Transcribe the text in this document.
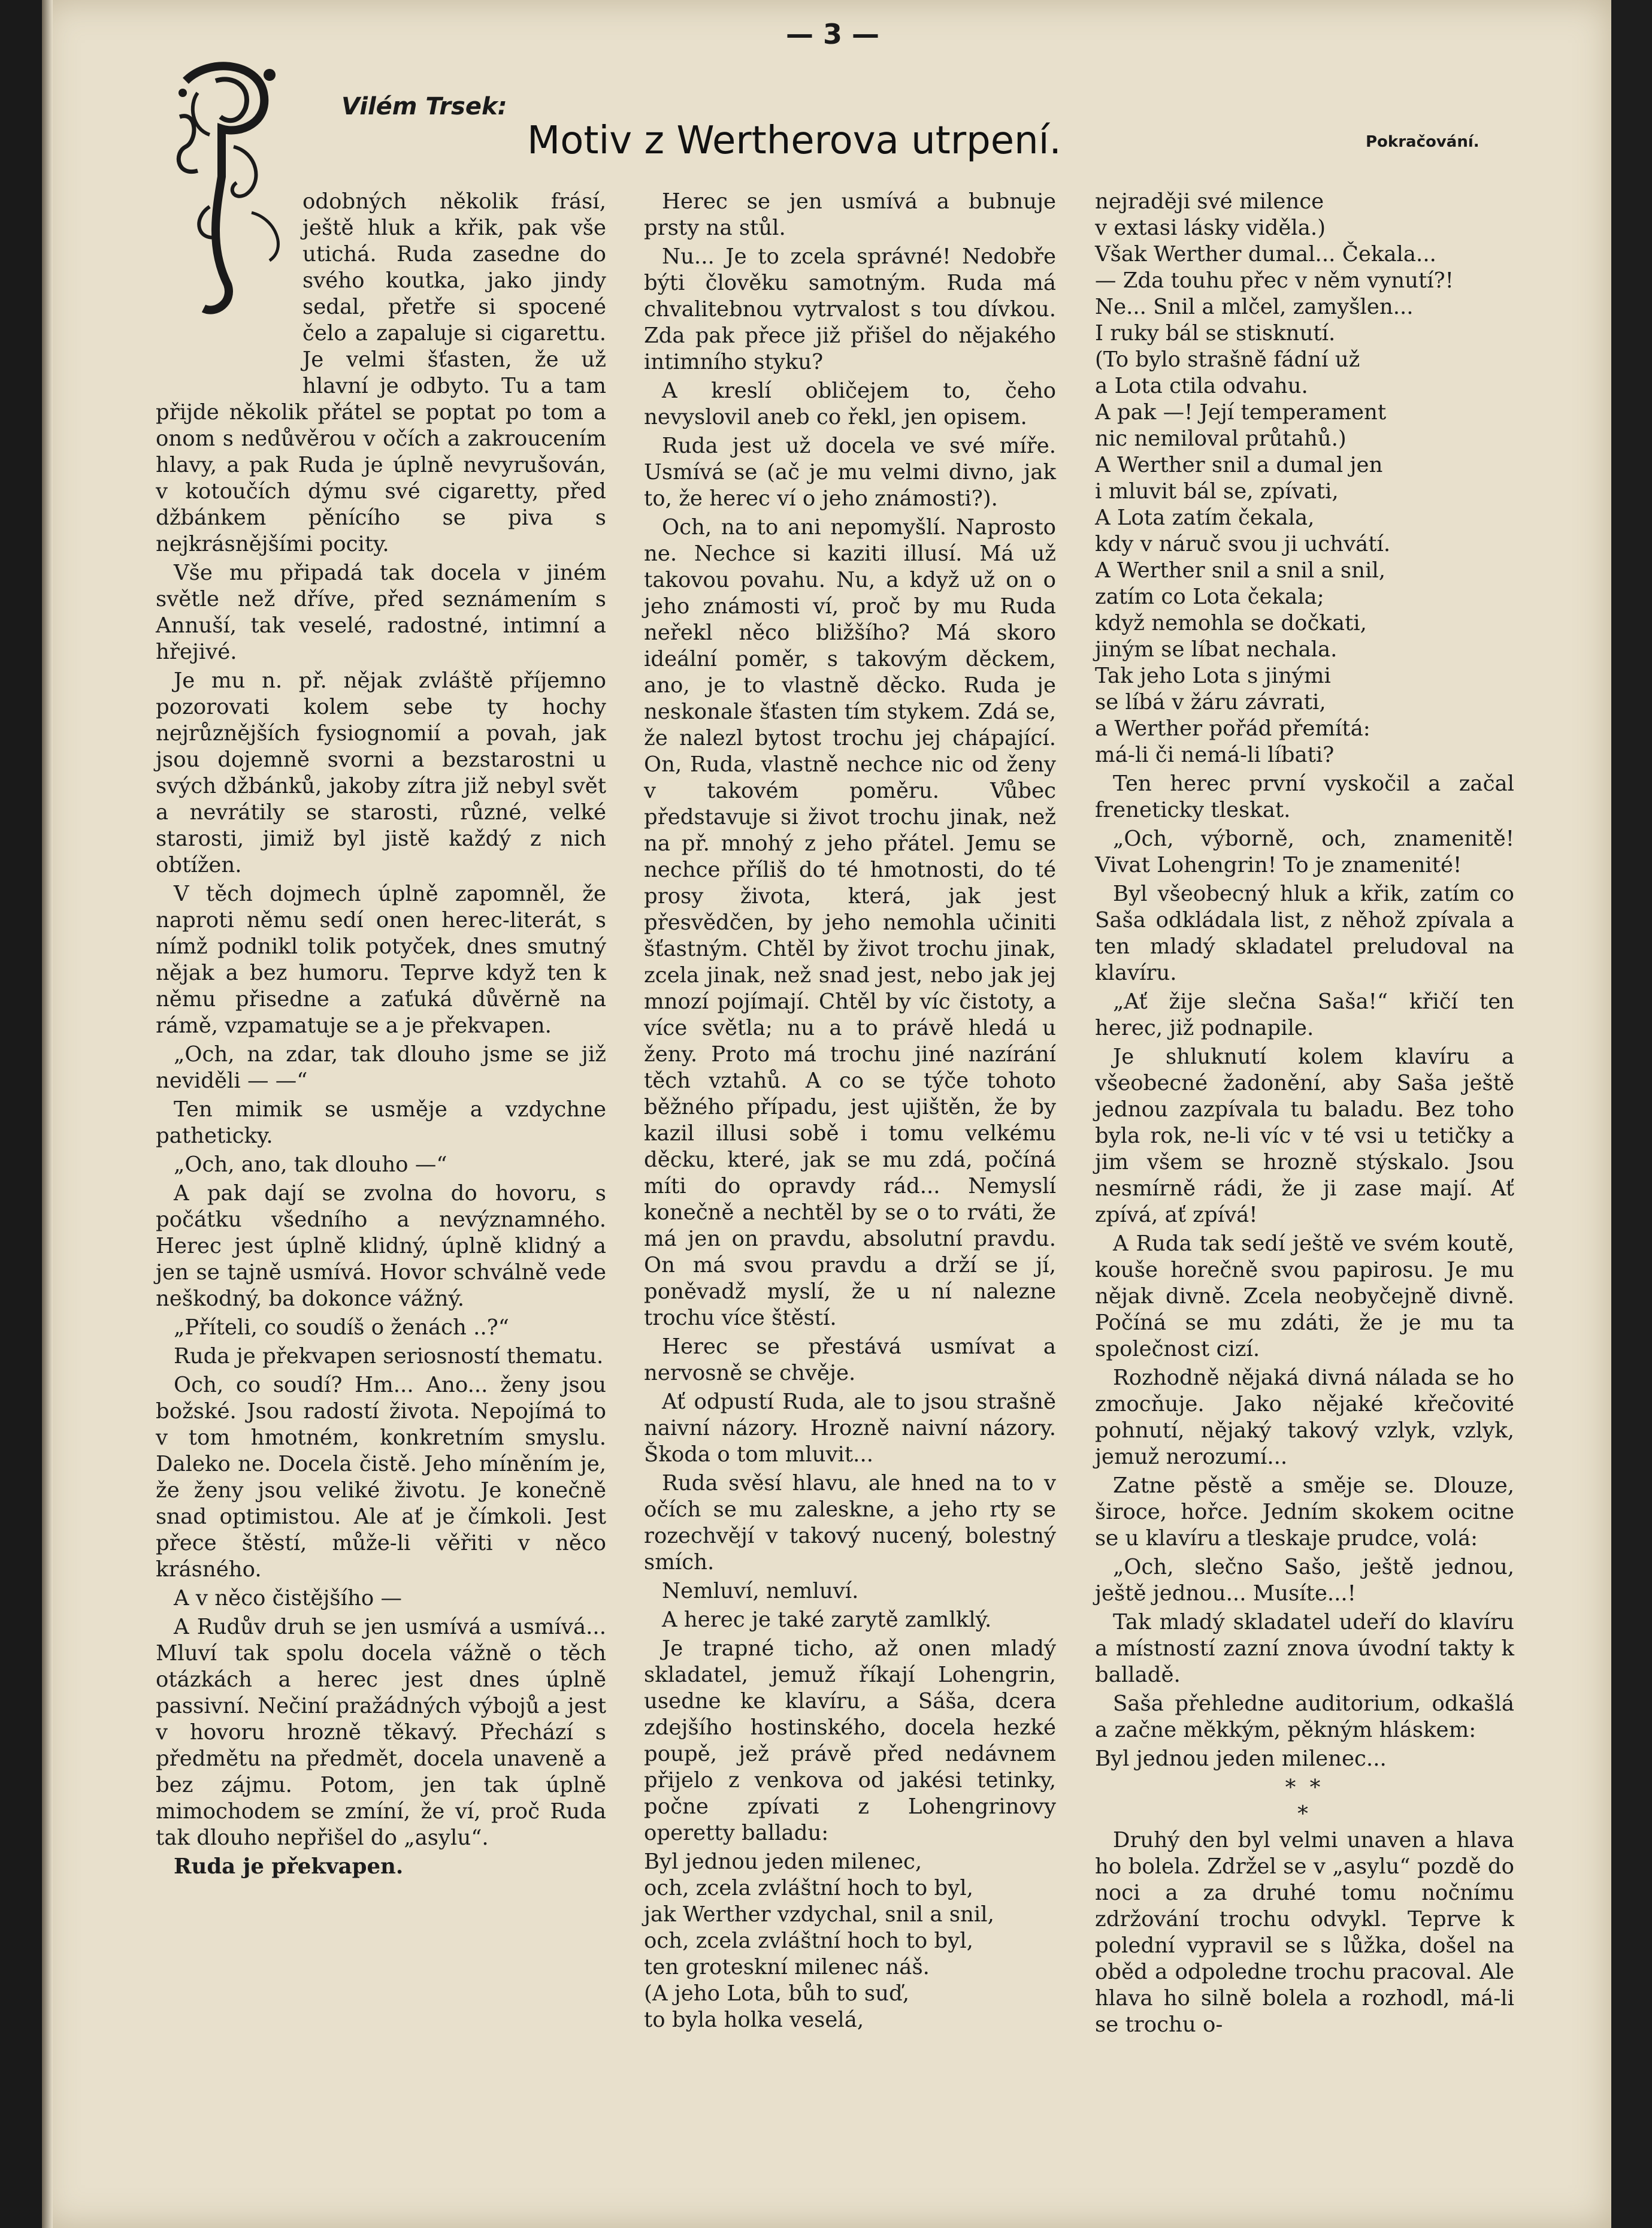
— 3 —
Vilém Trsek:
Motiv z Wertherova utrpení.	Pokračování.

odobných několik frásí, ještě hluk a křik, pak vše utichá. Ruda zasedne do svého koutka, jako jindy sedal, přetře si spocené čelo a zapaluje si cigarettu. Je velmi šťasten, že už hlavní je odbyto. Tu a tam přijde několik přátel se poptat po tom a onom s nedůvěrou v očích a zakroucením hlavy, a pak Ruda je úplně nevyrušován, v kotoučích dýmu své cigaretty, před džbánkem pěnícího se piva s nejkrásnějšími pocity.

Vše mu připadá tak docela v jiném světle než dříve, před seznámením s Annuší, tak veselé, radostné, intimní a hřejivé.

Je mu n. př. nějak zvláště příjemno pozorovati kolem sebe ty hochy nejrůznějších fysiognomií a povah, jak jsou dojemně svorni a bezstarostni u svých džbánků, jakoby zítra již nebyl svět a nevrátily se starosti, různé, velké starosti, jimiž byl jistě každý z nich obtížen.

V těch dojmech úplně zapomněl, že naproti němu sedí onen herec-literát, s nímž podnikl tolik potyček, dnes smutný nějak a bez humoru. Teprve když ten k němu přisedne a zaťuká důvěrně na rámě, vzpamatuje se a je překvapen.

„Och, na zdar, tak dlouho jsme se již neviděli — —“

Ten mimik se usměje a vzdychne patheticky.

„Och, ano, tak dlouho —“

A pak dají se zvolna do hovoru, s počátku všedního a nevýznamného. Herec jest úplně klidný, úplně klidný a jen se tajně usmívá. Hovor schválně vede neškodný, ba dokonce vážný.

„Příteli, co soudíš o ženách ..?“

Ruda je překvapen seriosností thematu.

Och, co soudí? Hm... Ano... ženy jsou božské. Jsou radostí života. Nepojímá to v tom hmotném, konkretním smyslu. Daleko ne. Docela čistě. Jeho míněním je, že ženy jsou veliké životu. Je konečně snad optimistou. Ale ať je čímkoli. Jest přece štěstí, může-li věřiti v něco krásného.

A v něco čistějšího —

A Rudův druh se jen usmívá a usmívá... Mluví tak spolu docela vážně o těch otázkách a herec jest dnes úplně passivní. Nečiní pražádných výbojů a jest v hovoru hrozně těkavý. Přechází s předmětu na předmět, docela unaveně a bez zájmu. Potom, jen tak úplně mimochodem se zmíní, že ví, proč Ruda tak dlouho nepřišel do „asylu“.

Ruda je překvapen.

Herec se jen usmívá a bubnuje prsty na stůl.

Nu... Je to zcela správné! Nedobře býti člověku samotným. Ruda má chvalitebnou vytrvalost s tou dívkou. Zda pak přece již přišel do nějakého intimního styku?

A kreslí obličejem to, čeho nevyslovil aneb co řekl, jen opisem.

Ruda jest už docela ve své míře. Usmívá se (ač je mu velmi divno, jak to, že herec ví o jeho známosti?).

Och, na to ani nepomyšlí. Naprosto ne. Nechce si kaziti illusí. Má už takovou povahu. Nu, a když už on o jeho známosti ví, proč by mu Ruda neřekl něco bližšího? Má skoro ideální poměr, s takovým děckem, ano, je to vlastně děcko. Ruda je neskonale šťasten tím stykem. Zdá se, že nalezl bytost trochu jej chápající. On, Ruda, vlastně nechce nic od ženy v takovém poměru. Vůbec představuje si život trochu jinak, než na př. mnohý z jeho přátel. Jemu se nechce příliš do té hmotnosti, do té prosy života, která, jak jest přesvědčen, by jeho nemohla učiniti šťastným. Chtěl by život trochu jinak, zcela jinak, než snad jest, nebo jak jej mnozí pojímají. Chtěl by víc čistoty, a více světla; nu a to právě hledá u ženy. Proto má trochu jiné nazírání těch vztahů. A co se týče tohoto běžného případu, jest ujištěn, že by kazil illusi sobě i tomu velkému děcku, které, jak se mu zdá, počíná míti do opravdy rád... Nemyslí konečně a nechtěl by se o to rváti, že má jen on pravdu, absolutní pravdu. On má svou pravdu a drží se jí, poněvadž myslí, že u ní nalezne trochu více štěstí.

Herec se přestává usmívat a nervosně se chvěje.

Ať odpustí Ruda, ale to jsou strašně naivní názory. Hrozně naivní názory. Škoda o tom mluvit...

Ruda svěsí hlavu, ale hned na to v očích se mu zaleskne, a jeho rty se rozechvějí v takový nucený, bolestný smích.

Nemluví, nemluví.

A herec je také zarytě zamlklý.

Je trapné ticho, až onen mladý skladatel, jemuž říkají Lohengrin, usedne ke klavíru, a Sáša, dcera zdejšího hostinského, docela hezké poupě, jež právě před nedávnem přijelo z venkova od jakési tetinky, počne zpívati z Lohengrinovy operetty balladu:

Byl jednou jeden milenec,
och, zcela zvláštní hoch to byl,
jak Werther vzdychal, snil a snil,
och, zcela zvláštní hoch to byl,
ten groteskní milenec náš.
(A jeho Lota, bůh to suď,
to byla holka veselá,
nejraději své milence
v extasi lásky viděla.)
Však Werther dumal... Čekala...
— Zda touhu přec v něm vynutí?!
Ne... Snil a mlčel, zamyšlen...
I ruky bál se stisknutí.
(To bylo strašně fádní už
a Lota ctila odvahu.
A pak —! Její temperament
nic nemiloval průtahů.)
A Werther snil a dumal jen
i mluvit bál se, zpívati,
A Lota zatím čekala,
kdy v náruč svou ji uchvátí.
A Werther snil a snil a snil,
zatím co Lota čekala;
když nemohla se dočkati,
jiným se líbat nechala.
Tak jeho Lota s jinými
se líbá v žáru závrati,
a Werther pořád přemítá:
má-li či nemá-li líbati?

Ten herec první vyskočil a začal freneticky tleskat.

„Och, výborně, och, znamenitě! Vivat Lohengrin! To je znamenité!

Byl všeobecný hluk a křik, zatím co Saša odkládala list, z něhož zpívala a ten mladý skladatel preludoval na klavíru.

„Ať žije slečna Saša!“ křičí ten herec, již podnapile.

Je shluknutí kolem klavíru a všeobecné žadonění, aby Saša ještě jednou zazpívala tu baladu. Bez toho byla rok, ne-li víc v té vsi u tetičky a jim všem se hrozně stýskalo. Jsou nesmírně rádi, že ji zase mají. Ať zpívá, ať zpívá!

A Ruda tak sedí ještě ve svém koutě, kouše horečně svou papirosu. Je mu nějak divně. Zcela neobyčejně divně. Počíná se mu zdáti, že je mu ta společnost cizí.

Rozhodně nějaká divná nálada se ho zmocňuje. Jako nějaké křečovité pohnutí, nějaký takový vzlyk, vzlyk, jemuž nerozumí...

Zatne pěstě a směje se. Dlouze, široce, hořce. Jedním skokem ocitne se u klavíru a tleskaje prudce, volá:

„Och, slečno Sašo, ještě jednou, ještě jednou... Musíte...!

Tak mladý skladatel udeří do klavíru a místností zazní znova úvodní takty k balladě.

Saša přehledne auditorium, odkašlá a začne měkkým, pěkným hláskem:

Byl jednou jeden milenec...
* *
*

Druhý den byl velmi unaven a hlava ho bolela. Zdržel se v „asylu“ pozdě do noci a za druhé tomu nočnímu zdržování trochu odvykl. Teprve k polední vypravil se s lůžka, došel na oběd a odpoledne trochu pracoval. Ale hlava ho silně bolela a rozhodl, má-li se trochu o-
